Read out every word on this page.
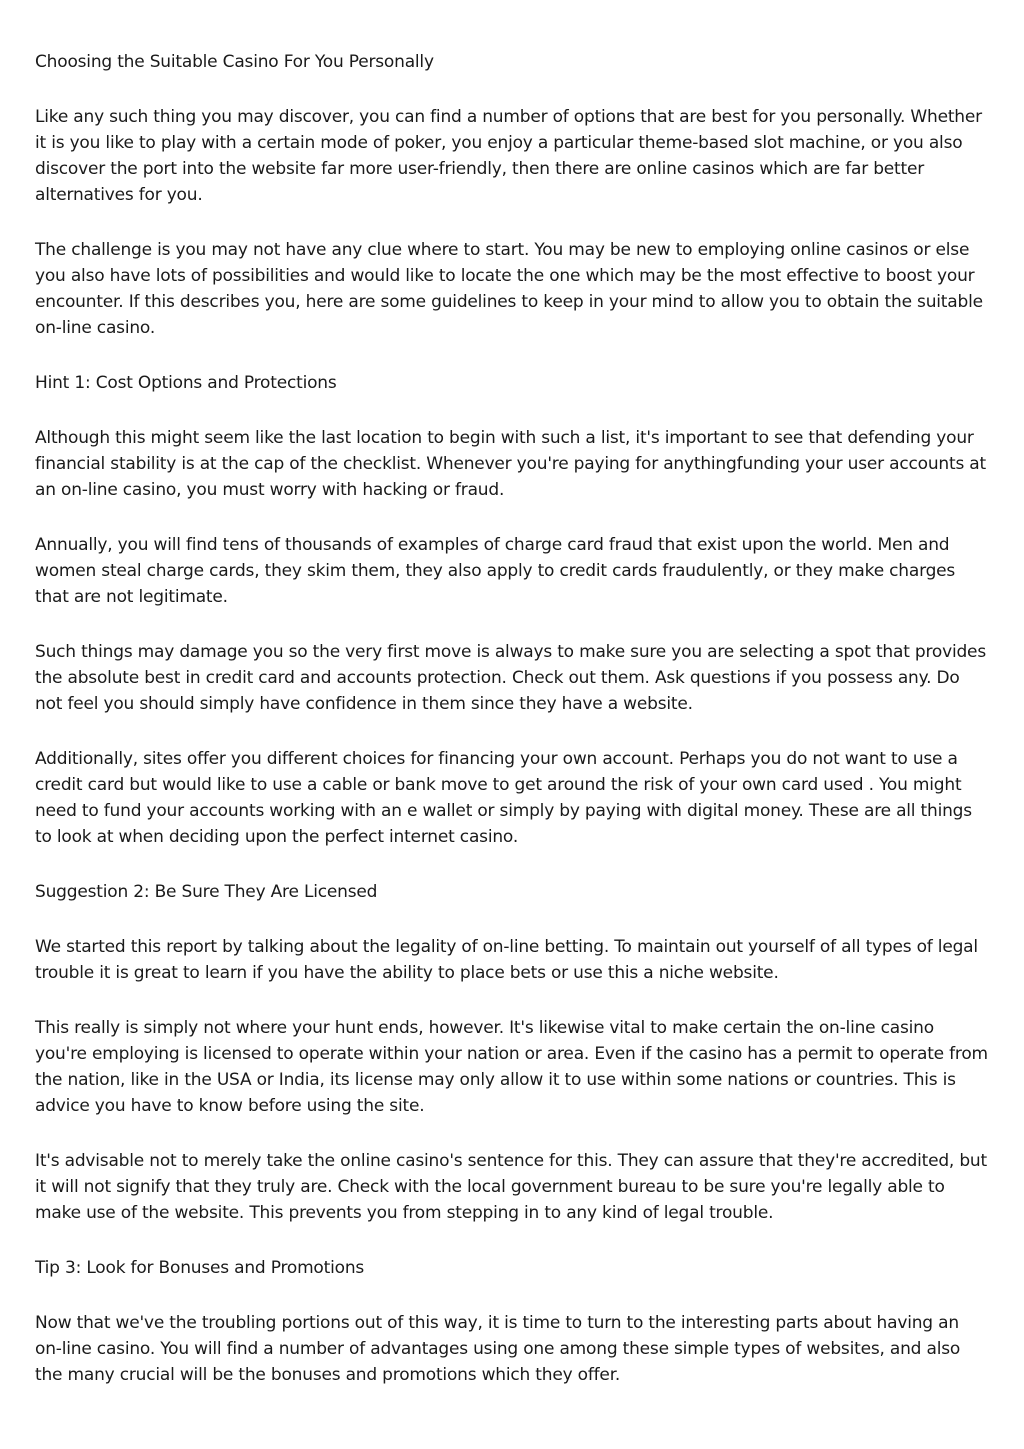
Choosing the Suitable Casino For You Personally

Like any such thing you may discover, you can find a number of options that are best for you personally. Whether it is you like to play with a certain mode of poker, you enjoy a particular theme-based slot machine, or you also discover the port into the website far more user-friendly, then there are online casinos which are far better alternatives for you.

The challenge is you may not have any clue where to start. You may be new to employing online casinos or else you also have lots of possibilities and would like to locate the one which may be the most effective to boost your encounter. If this describes you, here are some guidelines to keep in your mind to allow you to obtain the suitable on-line casino.

Hint 1: Cost Options and Protections

Although this might seem like the last location to begin with such a list, it's important to see that defending your financial stability is at the cap of the checklist. Whenever you're paying for anythingfunding your user accounts at an on-line casino, you must worry with hacking or fraud.

Annually, you will find tens of thousands of examples of charge card fraud that exist upon the world. Men and women steal charge cards, they skim them, they also apply to credit cards fraudulently, or they make charges that are not legitimate.

Such things may damage you so the very first move is always to make sure you are selecting a spot that provides the absolute best in credit card and accounts protection. Check out them. Ask questions if you possess any. Do not feel you should simply have confidence in them since they have a website.

Additionally, sites offer you different choices for financing your own account. Perhaps you do not want to use a credit card but would like to use a cable or bank move to get around the risk of your own card used . You might need to fund your accounts working with an e wallet or simply by paying with digital money. These are all things to look at when deciding upon the perfect internet casino.

Suggestion 2: Be Sure They Are Licensed

We started this report by talking about the legality of on-line betting. To maintain out yourself of all types of legal trouble it is great to learn if you have the ability to place bets or use this a niche website.

This really is simply not where your hunt ends, however. It's likewise vital to make certain the on-line casino you're employing is licensed to operate within your nation or area. Even if the casino has a permit to operate from the nation, like in the USA or India, its license may only allow it to use within some nations or countries. This is advice you have to know before using the site.

It's advisable not to merely take the online casino's sentence for this. They can assure that they're accredited, but it will not signify that they truly are. Check with the local government bureau to be sure you're legally able to make use of the website. This prevents you from stepping in to any kind of legal trouble.

Tip 3: Look for Bonuses and Promotions

Now that we've the troubling portions out of this way, it is time to turn to the interesting parts about having an on-line casino. You will find a number of advantages using one among these simple types of websites, and also the many crucial will be the bonuses and promotions which they offer.
